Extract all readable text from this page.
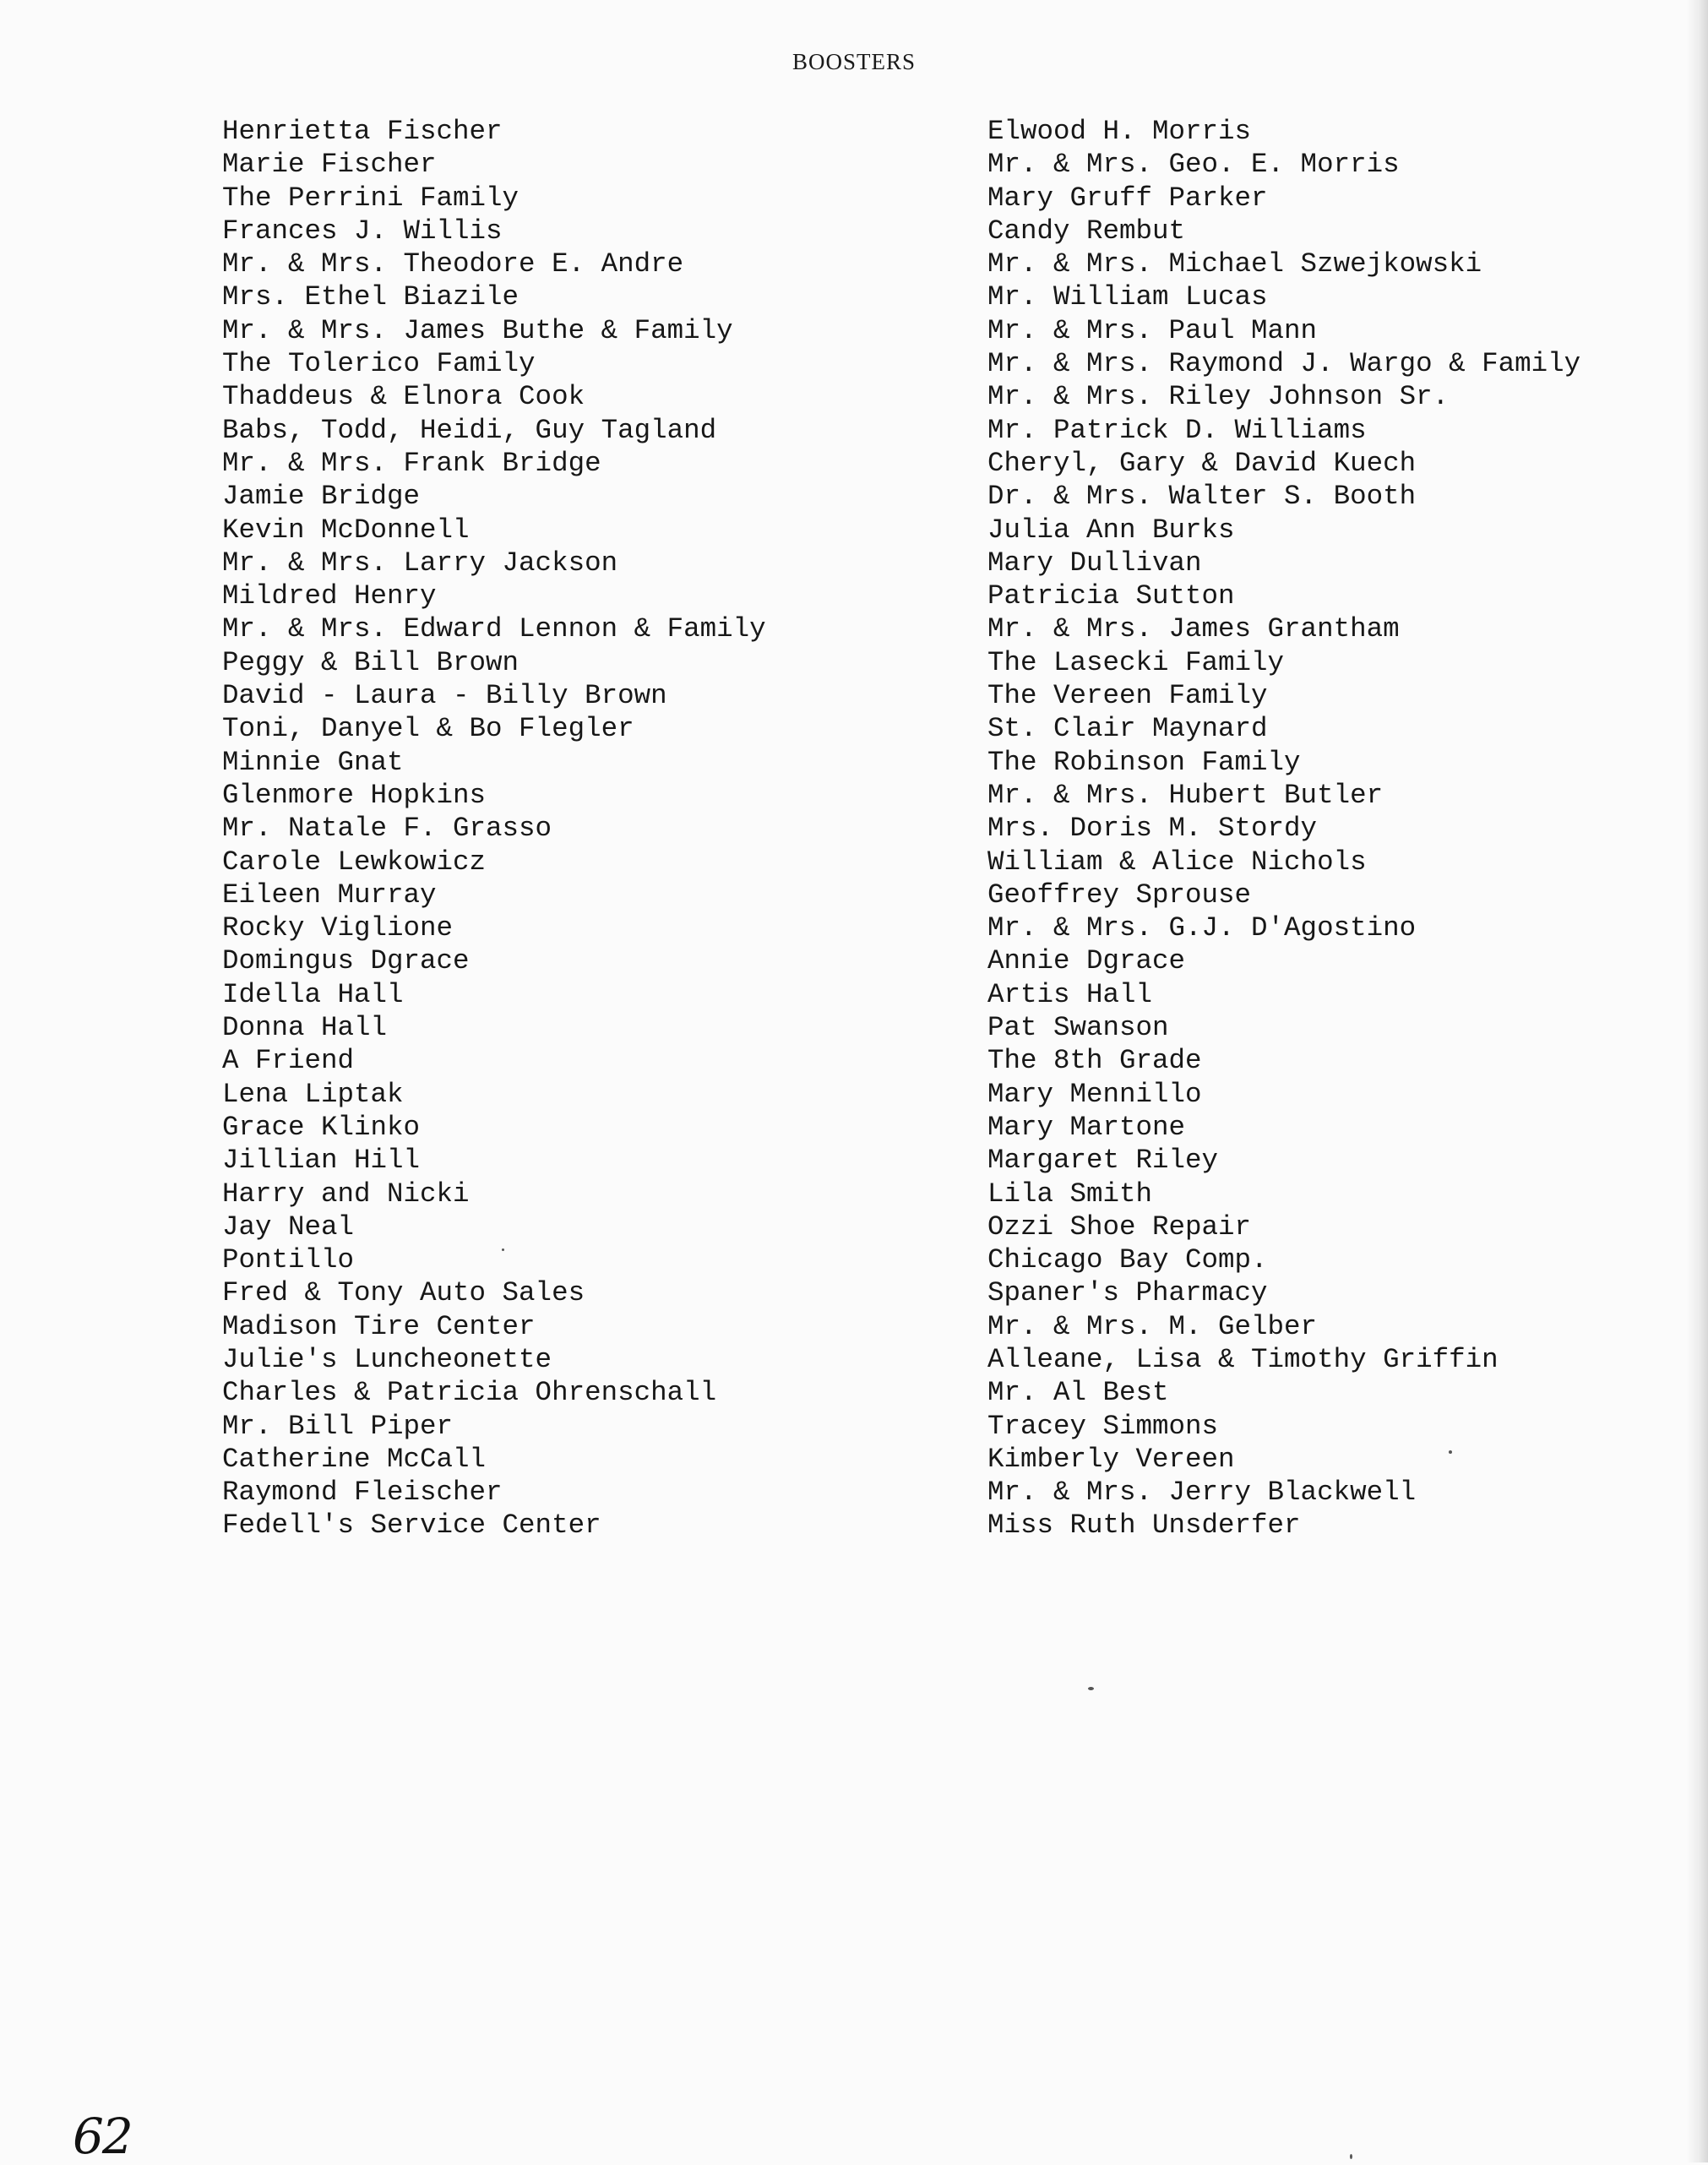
BOOSTERS
Henrietta Fischer
Marie Fischer
The Perrini Family
Frances J. Willis
Mr. & Mrs. Theodore E. Andre
Mrs. Ethel Biazile
Mr. & Mrs. James Buthe & Family
The Tolerico Family
Thaddeus & Elnora Cook
Babs, Todd, Heidi, Guy Tagland
Mr. & Mrs. Frank Bridge
Jamie Bridge
Kevin McDonnell
Mr. & Mrs. Larry Jackson
Mildred Henry
Mr. & Mrs. Edward Lennon & Family
Peggy & Bill Brown
David - Laura - Billy Brown
Toni, Danyel & Bo Flegler
Minnie Gnat
Glenmore Hopkins
Mr. Natale F. Grasso
Carole Lewkowicz
Eileen Murray
Rocky Viglione
Domingus Dgrace
Idella Hall
Donna Hall
A Friend
Lena Liptak
Grace Klinko
Jillian Hill
Harry and Nicki
Jay Neal
Pontillo
Fred & Tony Auto Sales
Madison Tire Center
Julie's Luncheonette
Charles & Patricia Ohrenschall
Mr. Bill Piper
Catherine McCall
Raymond Fleischer
Fedell's Service Center
Elwood H. Morris
Mr. & Mrs. Geo. E. Morris
Mary Gruff Parker
Candy Rembut
Mr. & Mrs. Michael Szwejkowski
Mr. William Lucas
Mr. & Mrs. Paul Mann
Mr. & Mrs. Raymond J. Wargo & Family
Mr. & Mrs. Riley Johnson Sr.
Mr. Patrick D. Williams
Cheryl, Gary & David Kuech
Dr. & Mrs. Walter S. Booth
Julia Ann Burks
Mary Dullivan
Patricia Sutton
Mr. & Mrs. James Grantham
The Lasecki Family
The Vereen Family
St. Clair Maynard
The Robinson Family
Mr. & Mrs. Hubert Butler
Mrs. Doris M. Stordy
William & Alice Nichols
Geoffrey Sprouse
Mr. & Mrs. G.J. D'Agostino
Annie Dgrace
Artis Hall
Pat Swanson
The 8th Grade
Mary Mennillo
Mary Martone
Margaret Riley
Lila Smith
Ozzi Shoe Repair
Chicago Bay Comp.
Spaner's Pharmacy
Mr. & Mrs. M. Gelber
Alleane, Lisa & Timothy Griffin
Mr. Al Best
Tracey Simmons
Kimberly Vereen
Mr. & Mrs. Jerry Blackwell
Miss Ruth Unsderfer
62
